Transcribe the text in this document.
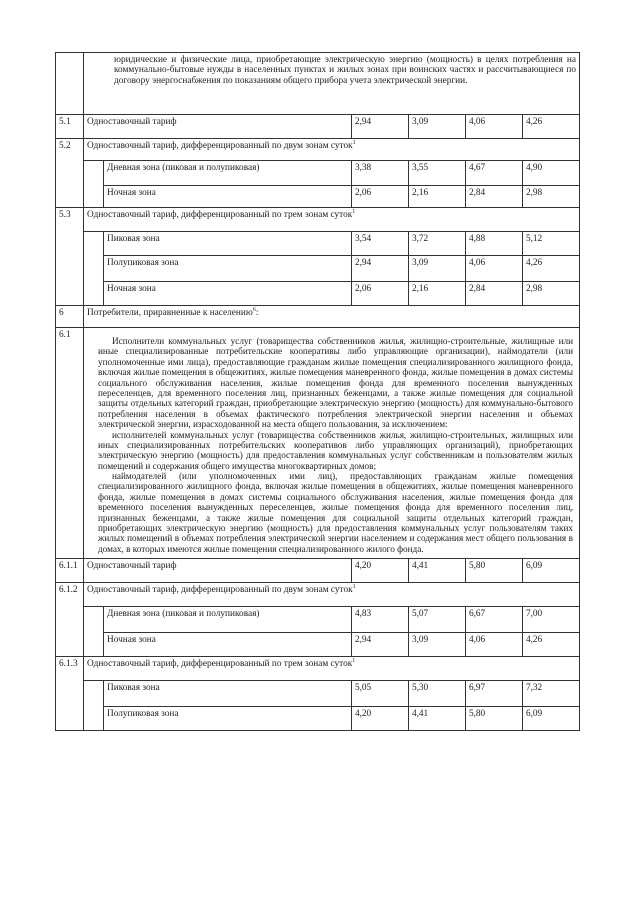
	юридические и физические лица, приобретающие электрическую энергию (мощность) в целях потребления на коммунально-бытовые нужды в населенных пунктах и жилых зонах при воинских частях и рассчитывающиеся по договору энергоснабжения по показаниям общего прибора учета электрической энергии.					
5.1	Одноставочный тариф		2,94	3,09	4,06	4,26
5.2	Одноставочный тариф, дифференцированный по двум зонам суток$^1$
		Дневная зона (пиковая и полупиковая)	3,38	3,55	4,67	4,90
		Ночная зона	2,06	2,16	2,84	2,98
5.3	Одноставочный тариф, дифференцированный по трем зонам суток$^1$
		Пиковая зона	3,54	3,72	4,88	5,12
		Полупиковая зона	2,94	3,09	4,06	4,26
		Ночная зона	2,06	2,16	2,84	2,98
6	Потребители, приравненные к населению$^6$:					
6.1	Исполнители коммунальных услуг (товарищества собственников жилья, жилищно-строительные, жилищные или иные специализированные потребительские кооперативы либо управляющие организации), наймодатели (или уполномоченные ими лица), предоставляющие гражданам жилые помещения специализированного жилищного фонда, включая жилые помещения в общежитиях, жилые помещения маневренного фонда, жилые помещения в домах системы социального обслуживания населения, жилые помещения фонда для временного поселения вынужденных переселенцев, для временного поселения лиц, признанных беженцами, а также жилые помещения для социальной защиты отдельных категорий граждан, приобретающие электрическую энергию (мощность) для коммунально-бытового потребления населения в объемах фактического потребления электрической энергии населения и объемах электрической энергии, израсходованной на места общего пользования, за исключением:

исполнителей коммунальных услуг (товарищества собственников жилья, жилищно-строительных, жилищных или иных специализированных потребительских кооперативов либо управляющих организаций), приобретающих электрическую энергию (мощность) для предоставления коммунальных услуг собственникам и пользователям жилых помещений и содержания общего имущества многоквартирных домов;

наймодателей (или уполномоченных ими лиц), предоставляющих гражданам жилые помещения специализированного жилищного фонда, включая жилые помещения в общежитиях, жилые помещения маневренного фонда, жилые помещения в домах системы социального обслуживания населения, жилые помещения фонда для временного поселения вынужденных переселенцев, жилые помещения фонда для временного поселения лиц, признанных беженцами, а также жилые помещения для социальной защиты отдельных категорий граждан, приобретающих электрическую энергию (мощность) для предоставления коммунальных услуг пользователям таких жилых помещений в объемах потребления электрической энергии населением и содержания мест общего пользования в домах, в которых имеются жилые помещения специализированного жилого фонда.					

6.1.1	Одноставочный тариф		4,20	4,41	5,80	6,09
6.1.2	Одноставочный тариф, дифференцированный по двум зонам суток$^1$
		Дневная зона (пиковая и полупиковая)	4,83	5,07	6,67	7,00
		Ночная зона	2,94	3,09	4,06	4,26
6.1.3	Одноставочный тариф, дифференцированный по трем зонам суток$^1$
		Пиковая зона	5,05	5,30	6,97	7,32
		Полупиковая зона	4,20	4,41	5,80	6,09
